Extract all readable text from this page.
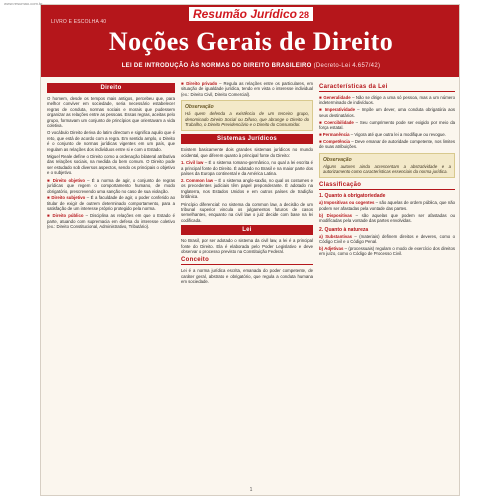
www.resumao.com.br
Resumão Jurídico 28
LIVRO E ESCOLHA 40
Noções Gerais de Direito
LEI DE INTRODUÇÃO ÀS NORMAS DO DIREITO BRASILEIRO (Decreto-Lei 4.657/42)
Direito

O homem, desde os tempos mais antigos, percebeu que, para melhor conviver em sociedade, seria necessário estabelecer regras de conduta, normas sociais e morais que pudessem organizar as relações entre as pessoas. Essas regras, aceitas pelo grupo, formavam um conjunto de princípios que orientavam a vida coletiva.

O vocábulo Direito deriva do latim directum e significa aquilo que é reto, que está de acordo com a regra. Em sentido amplo, o Direito é o conjunto de normas jurídicas vigentes em um país, que regulam as relações dos indivíduos entre si e com o Estado.

Miguel Reale define o Direito como a ordenação bilateral atributiva das relações sociais, na medida do bem comum. O Direito pode ser estudado sob diversos aspectos, sendo os principais o objetivo e o subjetivo.

■ Direito objetivo – É a norma de agir, o conjunto de regras jurídicas que regem o comportamento humano, de modo obrigatório, prescrevendo uma sanção no caso de sua violação.
■ Direito subjetivo – É a faculdade de agir, o poder conferido ao titular de exigir de outrem determinado comportamento, para a satisfação de um interesse próprio protegido pela norma.
■ Direito público – Disciplina as relações em que o Estado é parte, atuando com supremacia em defesa do interesse coletivo (ex.: Direito Constitucional, Administrativo, Tributário).
■ Direito privado – Regula as relações entre os particulares, em situação de igualdade jurídica, tendo em vista o interesse individual (ex.: Direito Civil, Direito Comercial).
Observação
Há quem defenda a existência de um terceiro grupo, denominado Direito Social ou Difuso, que abrange o Direito do Trabalho, o Direito Previdenciário e o Direito do Consumidor.
Sistemas Jurídicos

Existem basicamente dois grandes sistemas jurídicos no mundo ocidental, que diferem quanto à principal fonte do Direito:

1. Civil law – É o sistema romano-germânico, no qual a lei escrita é a principal fonte do Direito. É adotado no Brasil e na maior parte dos países da Europa continental e da América Latina.
2. Common law – É o sistema anglo-saxão, no qual os costumes e os precedentes judiciais têm papel preponderante. É adotado na Inglaterra, nos Estados Unidos e em outros países de tradição britânica.

Princípio diferencial: no sistema da common law, a decisão de um tribunal superior vincula os julgamentos futuros de casos semelhantes, enquanto na civil law o juiz decide com base na lei codificada.

Lei

No Brasil, por ser adotado o sistema da civil law, a lei é a principal fonte do Direito. Ela é elaborada pelo Poder Legislativo e deve observar o processo previsto na Constituição Federal.

Conceito

Lei é a norma jurídica escrita, emanada do poder competente, de caráter geral, abstrato e obrigatório, que regula a conduta humana em sociedade.

Características da Lei
■ Generalidade – Não se dirige a uma só pessoa, mas a um número indeterminado de indivíduos.
■ Imperatividade – Impõe um dever, uma conduta obrigatória aos seus destinatários.
■ Coercibilidade – Seu cumprimento pode ser exigido por meio da força estatal.
■ Permanência – Vigora até que outra lei a modifique ou revogue.
■ Competência – Deve emanar de autoridade competente, nos limites de suas atribuições.
Observação
Alguns autores ainda acrescentam a abstratividade e a autorizamento como características essenciais da norma jurídica.
Classificação
1. Quanto à obrigatoriedade
a) Impositivas ou cogentes – são aquelas de ordem pública, que não podem ser afastadas pela vontade das partes.
b) Dispositivas – são aquelas que podem ser afastadas ou modificadas pela vontade das partes envolvidas.
2. Quanto à natureza
a) Substantivas – (materiais) definem direitos e deveres, como o Código Civil e o Código Penal.
b) Adjetivas – (processuais) regulam o modo de exercício dos direitos em juízo, como o Código de Processo Civil.
1
